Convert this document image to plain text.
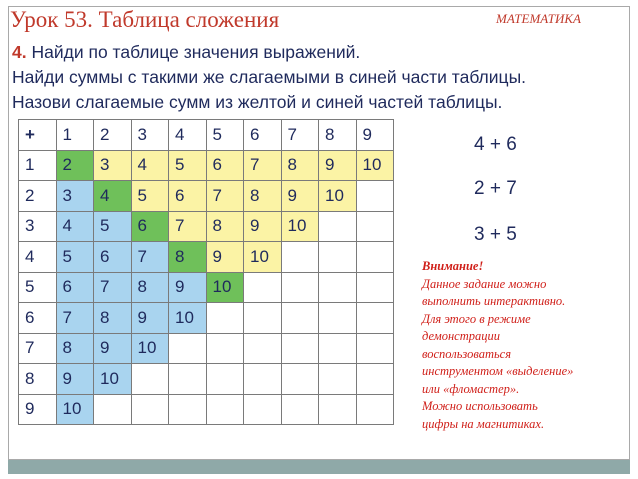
Урок 53. Таблица сложения	МАТЕМАТИКА
4. Найди по таблице значения выражений.
Найди суммы с такими же слагаемыми в синей части таблицы.
Назови слагаемые сумм из желтой и синей частей таблицы.
+	1	2	3	4	5	6	7	8	9
1	2	3	4	5	6	7	8	9	10
2	3	4	5	6	7	8	9	10	
3	4	5	6	7	8	9	10		
4	5	6	7	8	9	10			
5	6	7	8	9	10				
6	7	8	9	10					
7	8	9	10						
8	9	10							
9	10								
4 + 6
2 + 7
3 + 5
Внимание!
Данное задание можно
выполнить интерактивно.
Для этого в режиме
демонстрации
воспользоваться
инструментом «выделение»
или «фломастер».
Можно использовать
цифры на магнитиках.
